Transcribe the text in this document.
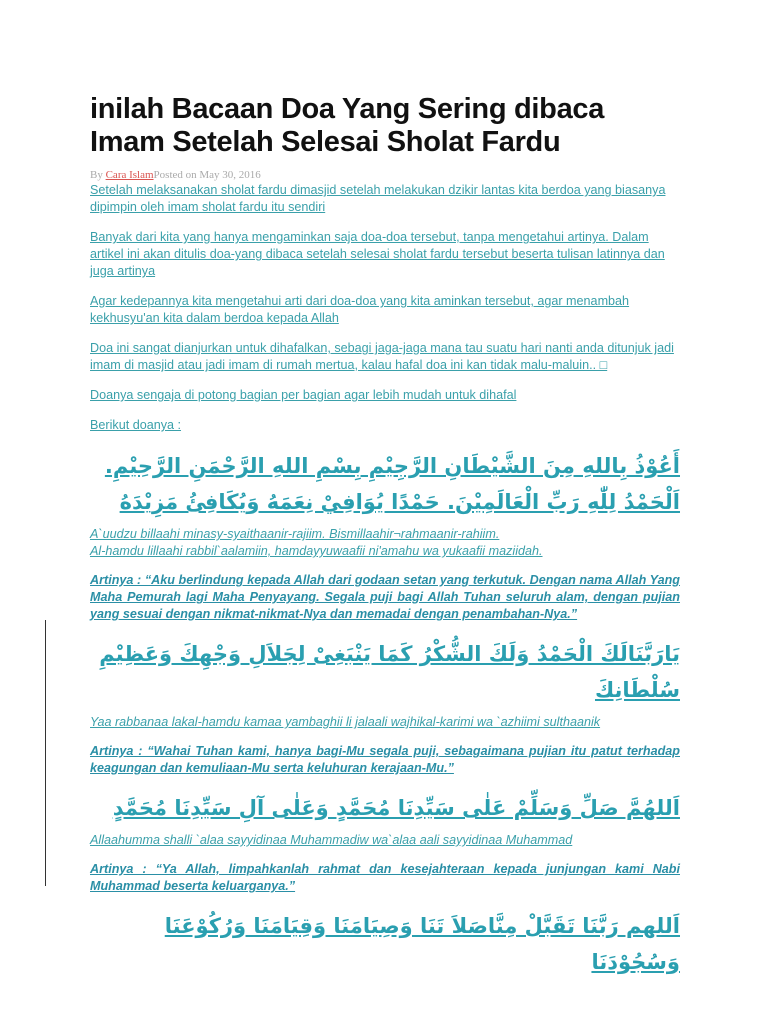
inilah Bacaan Doa Yang Sering dibaca Imam Setelah Selesai Sholat Fardu
By Cara IslamPosted on May 30, 2016

Setelah melaksanakan sholat fardu dimasjid setelah melakukan dzikir lantas kita berdoa yang biasanya dipimpin oleh imam sholat fardu itu sendiri

Banyak dari kita yang hanya mengaminkan saja doa-doa tersebut, tanpa mengetahui artinya. Dalam artikel ini akan ditulis doa-yang dibaca setelah selesai sholat fardu tersebut beserta tulisan latinnya dan juga artinya

Agar kedepannya kita mengetahui arti dari doa-doa yang kita aminkan tersebut, agar menambah kekhusyu'an kita dalam berdoa kepada Allah

Doa ini sangat dianjurkan untuk dihafalkan, sebagi jaga-jaga mana tau suatu hari nanti anda ditunjuk jadi imam di masjid atau jadi imam di rumah mertua, kalau hafal doa ini kan tidak malu-maluin.. □

Doanya sengaja di potong bagian per bagian agar lebih mudah untuk dihafal

Berikut doanya :

أَعُوْذُ بِاللهِ مِنَ الشَّيْطَانِ الرَّجِيْمِ بِسْمِ اللهِ الرَّحْمَنِ الرَّحِيْمِ.
اَلْحَمْدُ لِلّٰهِ رَبِّ الْعَالَمِيْنَ. حَمْدًا يُوَافِيْ نِعَمَهُ وَيُكَافِئُ مَزِيْدَهُ

A`uudzu billaahi minasy-syaithaanir-rajiim. Bismillaahir¬rahmaanir-rahiim.
Al-hamdu lillaahi rabbil`aalamiin, hamdayyuwaafii ni'amahu wa yukaafii maziidah.

Artinya : “Aku berlindung kepada Allah dari godaan setan yang terkutuk. Dengan nama Allah Yang Maha Pemurah lagi Maha Penyayang. Segala puji bagi Allah Tuhan seluruh alam, dengan pujian yang sesuai dengan nikmat-nikmat-Nya dan memadai dengan penambahan-Nya.”

يَارَبَّنَالَكَ الْحَمْدُ وَلَكَ الشُّكْرُ كَمَا يَنْبَغِىْ لِجَلاَلِ وَجْهِكَ وَعَظِيْمِ سُلْطَانِكَ

Yaa rabbanaa lakal-hamdu kamaa yambaghii li jalaali wajhikal-karimi wa `azhiimi sulthaanik

Artinya : “Wahai Tuhan kami, hanya bagi-Mu segala puji, sebagaimana pujian itu patut terhadap keagungan dan kemuliaan-Mu serta keluhuran kerajaan-Mu.”

اَللهُمَّ صَلِّ وَسَلِّمْ عَلٰى سَيِّدِنَا مُحَمَّدٍ وَعَلٰى آلِ سَيِّدِنَا مُحَمَّدٍ

Allaahumma shalli `alaa sayyidinaa Muhammadiw wa`alaa aali sayyidinaa Muhammad

Artinya : “Ya Allah, limpahkanlah rahmat dan kesejahteraan kepada junjungan kami Nabi Muhammad beserta keluarganya.”

اَللهم رَبَّنَا تَقَبَّلْ مِنَّاصَلاَ تَنَا وَصِيَامَنَا وَقِيَامَنَا وَرُكُوْعَنَا وَسُجُوْدَنَا
